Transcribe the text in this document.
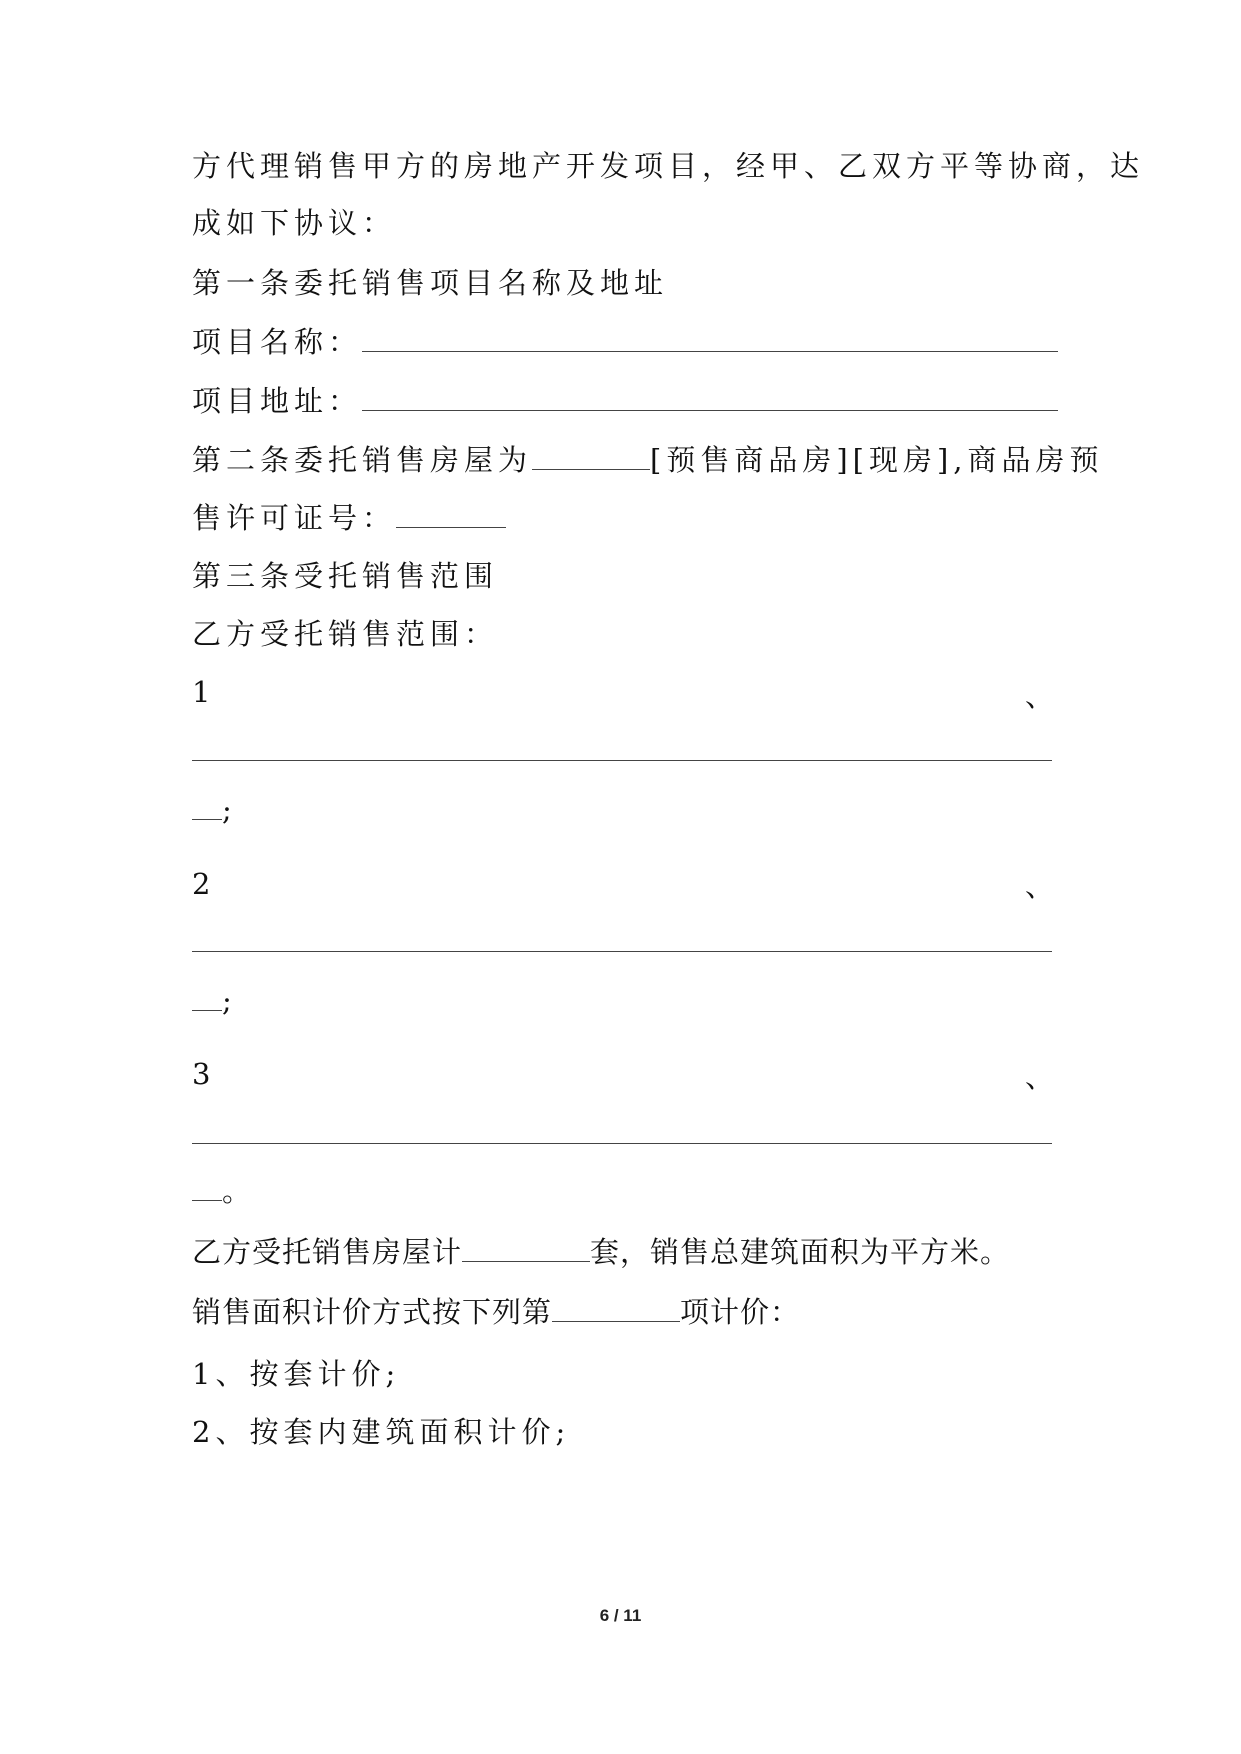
方代理销售甲方的房地产开发项目，经甲、乙双方平等协商，达
成如下协议：
第一条委托销售项目名称及地址
项目名称：
项目地址：
第二条委托销售房屋为	[预售商品房][现房],商品房预
售许可证号：
第三条受托销售范围
乙方受托销售范围：
1	、
;
2	、
;
3	、
。
乙方受托销售房屋计	套，销售总建筑面积为平方米。
销售面积计价方式按下列第	项计价：
1、按套计价;
2、按套内建筑面积计价;
6 / 11
